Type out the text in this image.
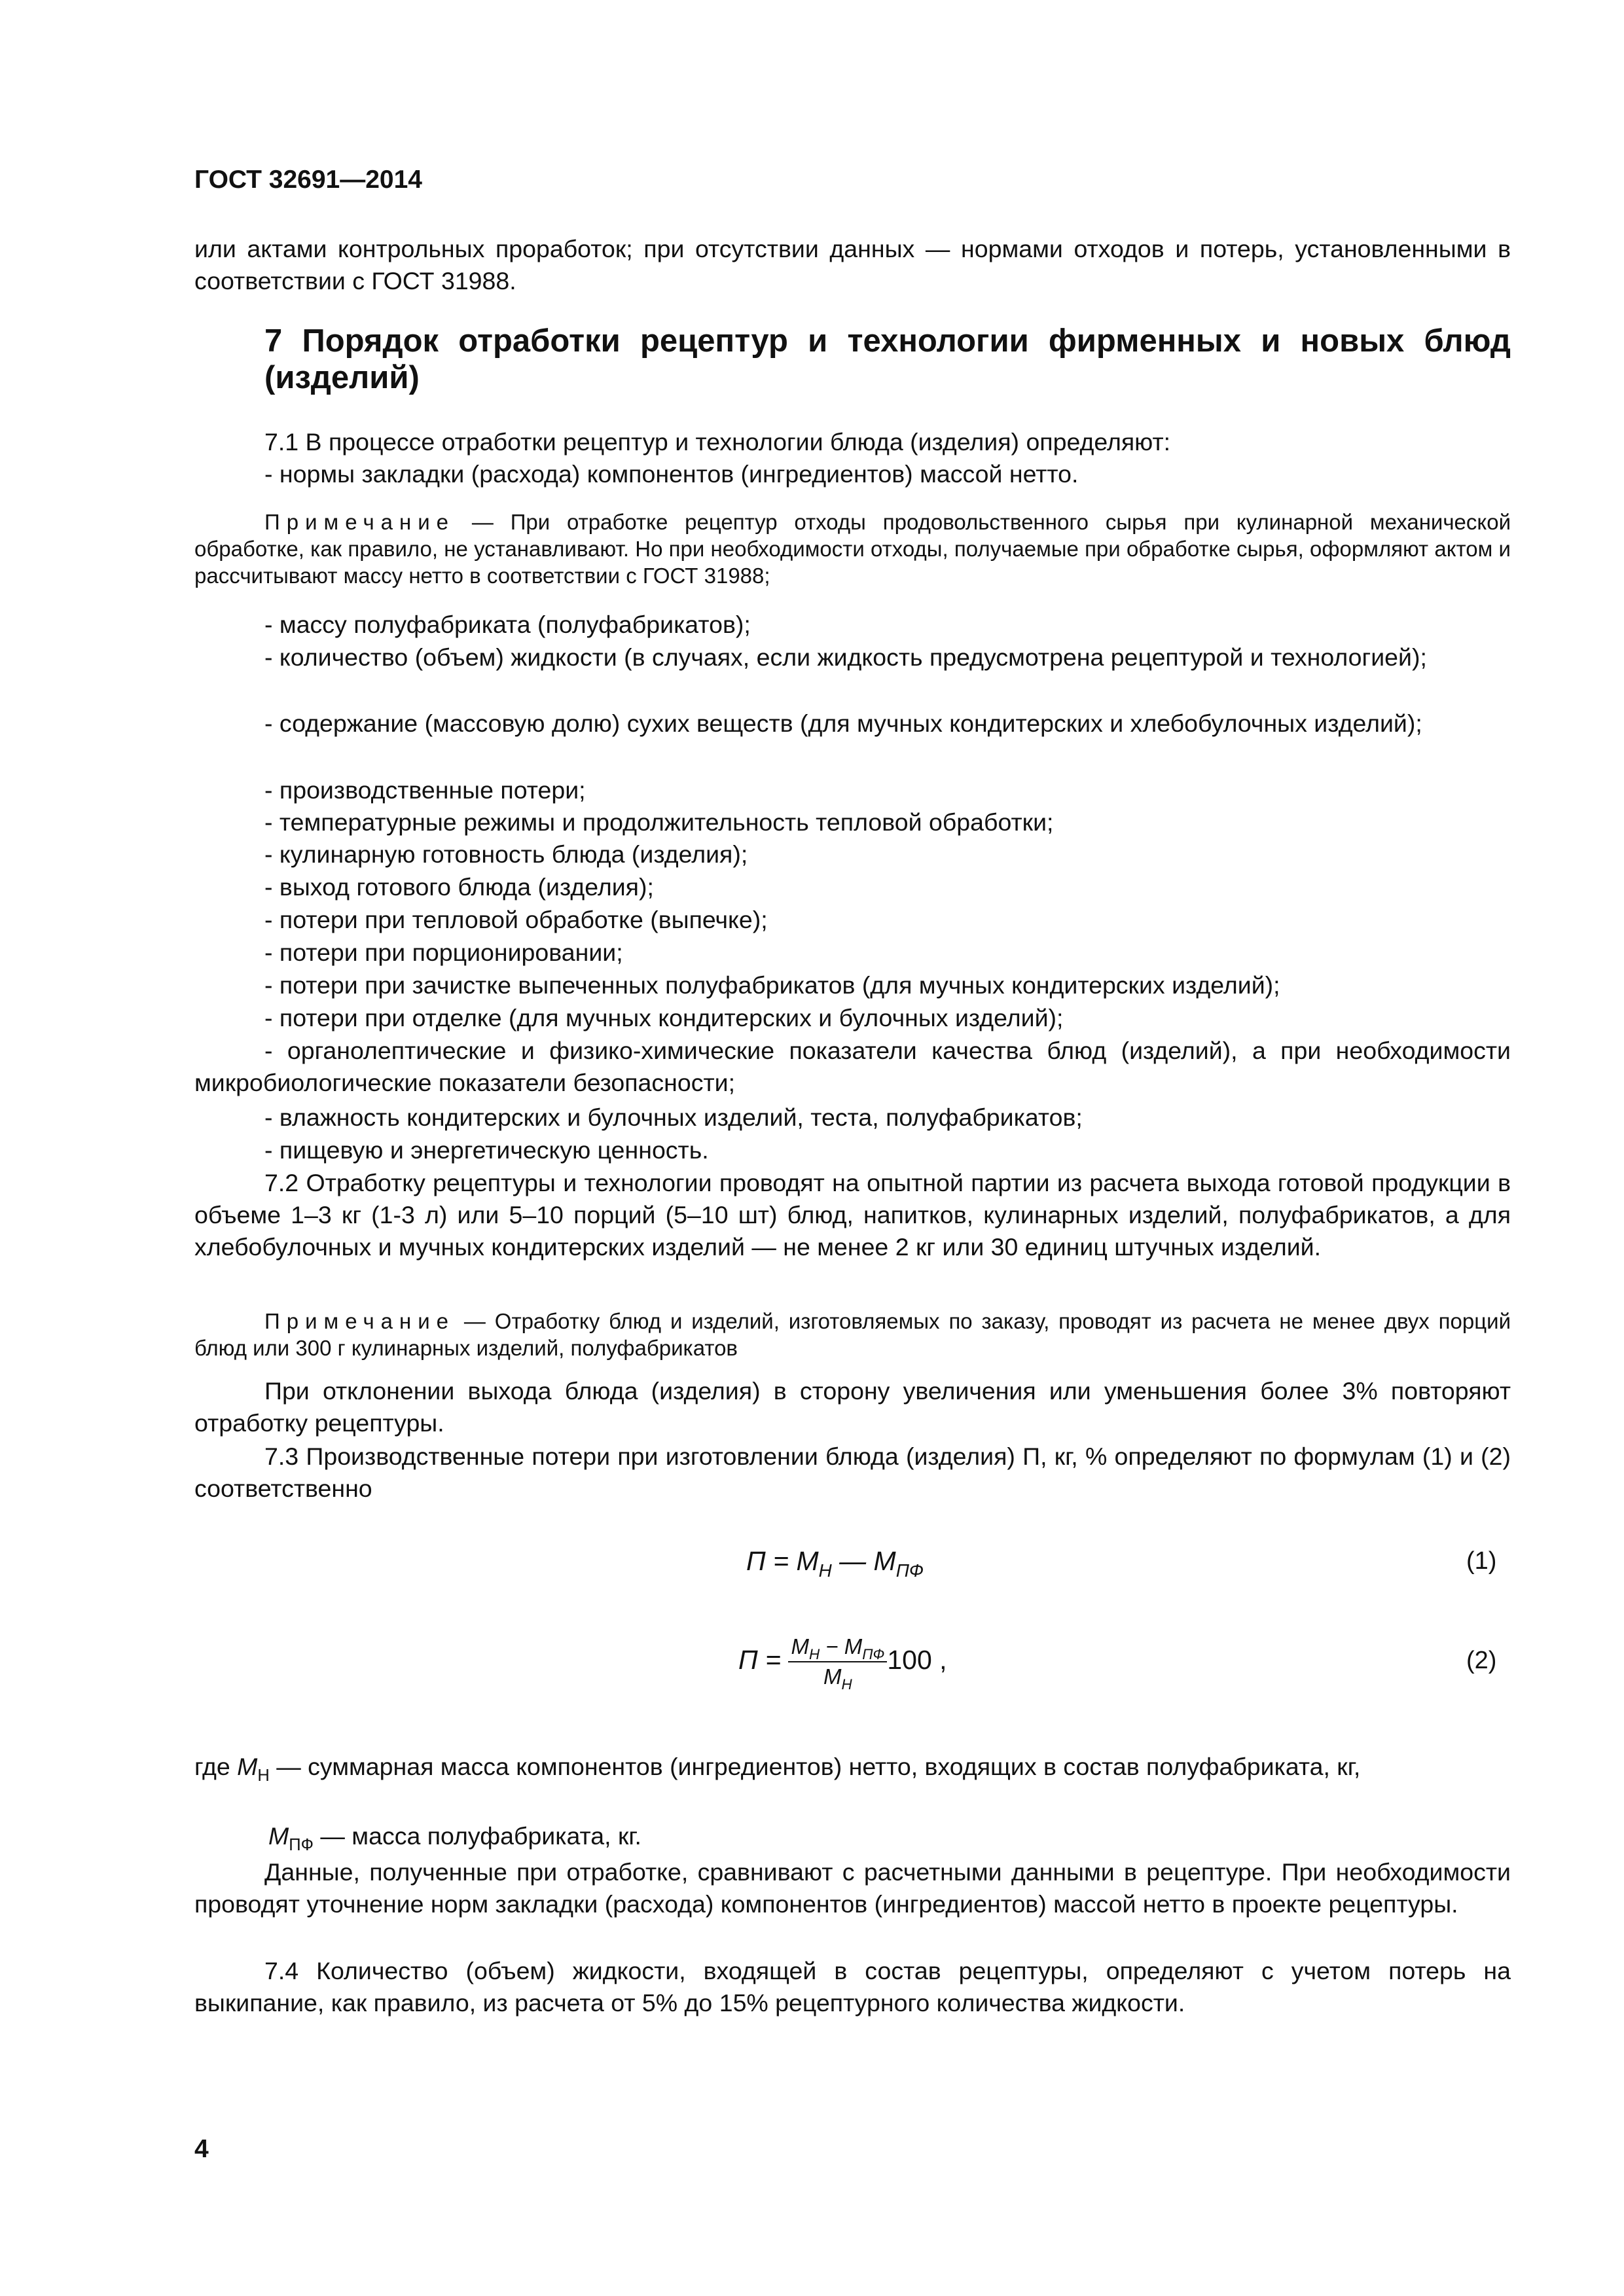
ГОСТ 32691—2014

или актами контрольных проработок; при отсутствии данных — нормами отходов и потерь, установленными в соответствии с ГОСТ 31988.

7 Порядок отработки рецептур и технологии фирменных и новых блюд (изделий)

7.1 В процессе отработки рецептур и технологии блюда (изделия) определяют:

- нормы закладки (расхода) компонентов (ингредиентов) массой нетто.

Примечание — При отработке рецептур отходы продовольственного сырья при кулинарной механической обработке, как правило, не устанавливают. Но при необходимости отходы, получаемые при обработке сырья, оформляют актом и рассчитывают массу нетто в соответствии с ГОСТ 31988;

- массу полуфабриката (полуфабрикатов);

- количество (объем) жидкости (в случаях, если жидкость предусмотрена рецептурой и технологией);

- содержание (массовую долю) сухих веществ (для мучных кондитерских и хлебобулочных изделий);

- производственные потери;

- температурные режимы и продолжительность тепловой обработки;

- кулинарную готовность блюда (изделия);

- выход готового блюда (изделия);

- потери при тепловой обработке (выпечке);

- потери при порционировании;

- потери при зачистке выпеченных полуфабрикатов (для мучных кондитерских изделий);

- потери при отделке (для мучных кондитерских и булочных изделий);

- органолептические и физико-химические показатели качества блюд (изделий), а при необходимости микробиологические показатели безопасности;

- влажность кондитерских и булочных изделий, теста, полуфабрикатов;

- пищевую и энергетическую ценность.

7.2 Отработку рецептуры и технологии проводят на опытной партии из расчета выхода готовой продукции в объеме 1–3 кг (1-3 л) или 5–10 порций (5–10 шт) блюд, напитков, кулинарных изделий, полуфабрикатов, а для хлебобулочных и мучных кондитерских изделий — не менее 2 кг или 30 единиц штучных изделий.

Примечание — Отработку блюд и изделий, изготовляемых по заказу, проводят из расчета не менее двух порций блюд или 300 г кулинарных изделий, полуфабрикатов

При отклонении выхода блюда (изделия) в сторону увеличения или уменьшения более 3% повторяют отработку рецептуры.

7.3 Производственные потери при изготовлении блюда (изделия) П, кг, % определяют по формулам (1) и (2) соответственно

$П = М_Н$ — $М_{ПФ}$	(1)
$П = \frac{М_Н - М_{ПФ}}{М_Н} 100$ ,	(2)

где $М_Н$ — суммарная масса компонентов (ингредиентов) нетто, входящих в состав полуфабриката, кг,

$М_{ПФ}$ — масса полуфабриката, кг.

Данные, полученные при отработке, сравнивают с расчетными данными в рецептуре. При необходимости проводят уточнение норм закладки (расхода) компонентов (ингредиентов) массой нетто в проекте рецептуры.

7.4 Количество (объем) жидкости, входящей в состав рецептуры, определяют с учетом потерь на выкипание, как правило, из расчета от 5% до 15% рецептурного количества жидкости.

4
